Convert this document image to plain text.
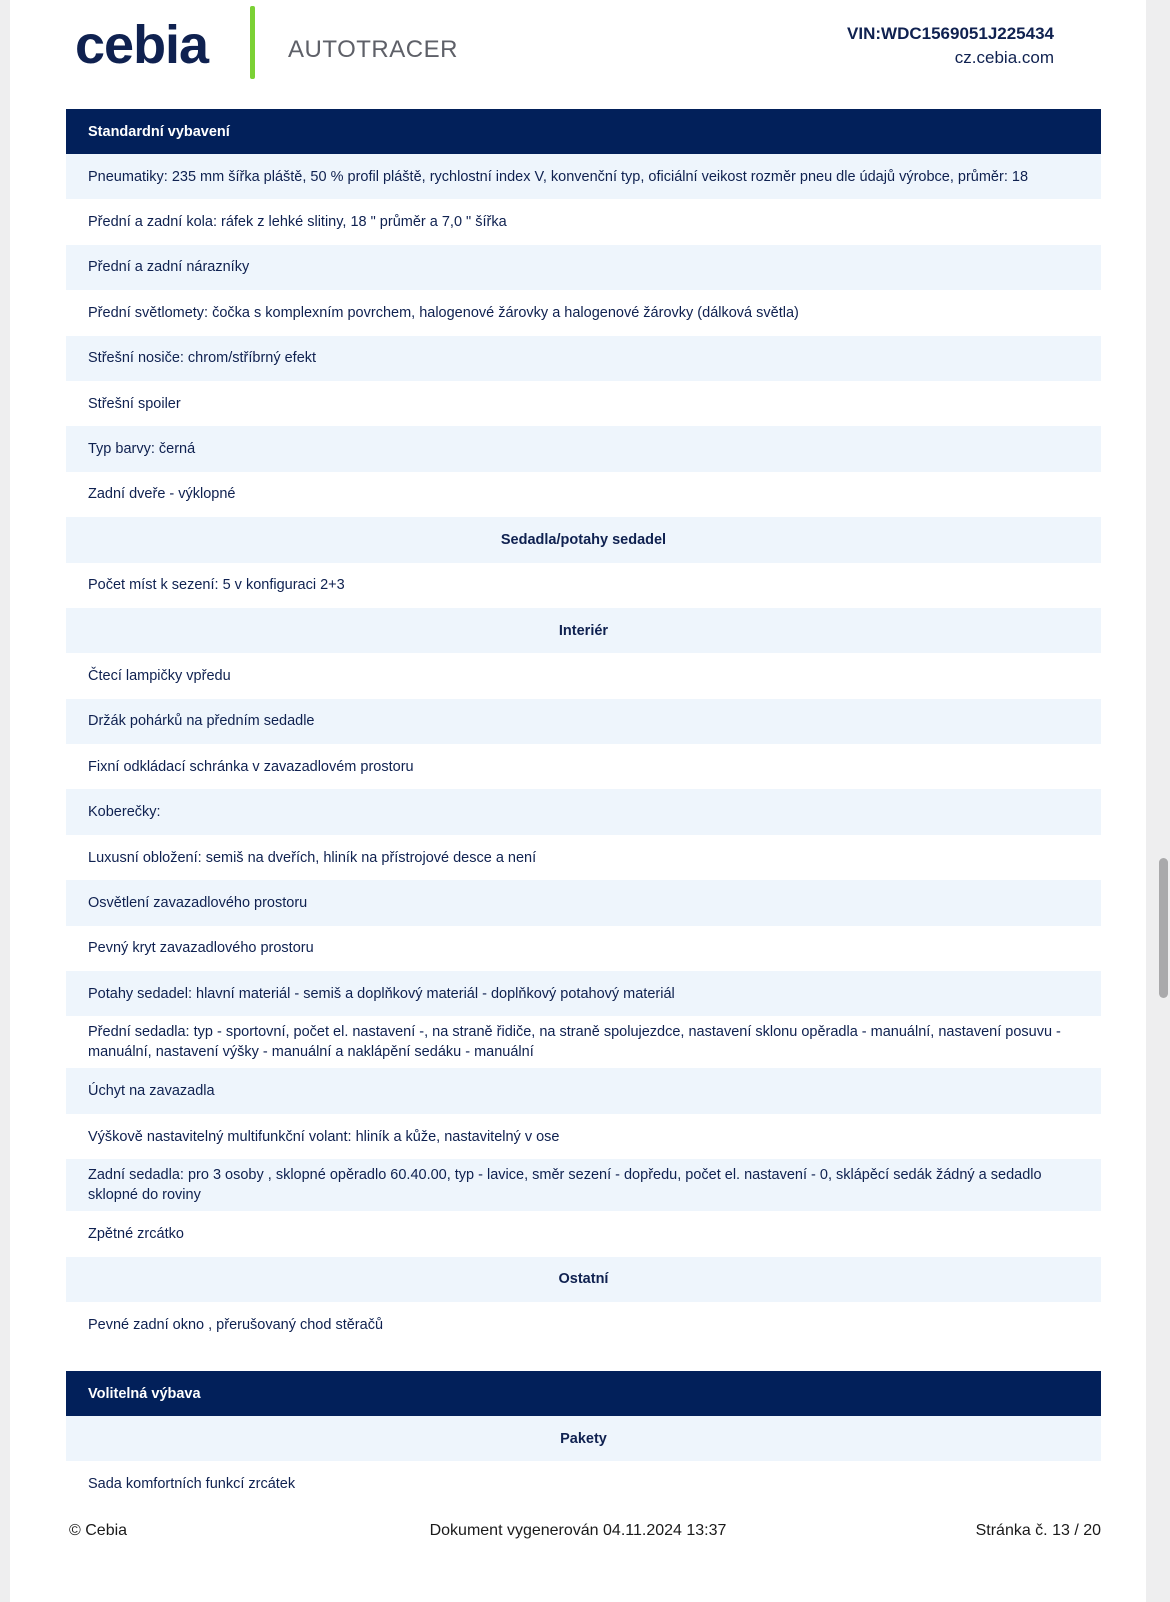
cebia	AUTOTRACER
VIN:WDC1569051J225434
cz.cebia.com
Standardní vybavení
Pneumatiky: 235 mm šířka pláště, 50 % profil pláště, rychlostní index V, konvenční typ, oficiální veikost rozměr pneu dle údajů výrobce, průměr: 18
Přední a zadní kola: ráfek z lehké slitiny, 18 " průměr a 7,0 " šířka
Přední a zadní nárazníky
Přední světlomety: čočka s komplexním povrchem, halogenové žárovky a halogenové žárovky (dálková světla)
Střešní nosiče: chrom/stříbrný efekt
Střešní spoiler
Typ barvy: černá
Zadní dveře - výklopné
Sedadla/potahy sedadel
Počet míst k sezení: 5 v konfiguraci 2+3
Interiér
Čtecí lampičky vpředu
Držák pohárků na předním sedadle
Fixní odkládací schránka v zavazadlovém prostoru
Koberečky:
Luxusní obložení: semiš na dveřích, hliník na přístrojové desce a není
Osvětlení zavazadlového prostoru
Pevný kryt zavazadlového prostoru
Potahy sedadel: hlavní materiál - semiš a doplňkový materiál - doplňkový potahový materiál
Přední sedadla: typ - sportovní, počet el. nastavení -, na straně řidiče, na straně spolujezdce, nastavení sklonu opěradla - manuální, nastavení posuvu - manuální, nastavení výšky - manuální a naklápění sedáku - manuální
Úchyt na zavazadla
Výškově nastavitelný multifunkční volant: hliník a kůže, nastavitelný v ose
Zadní sedadla: pro 3 osoby , sklopné opěradlo 60.40.00, typ - lavice, směr sezení - dopředu, počet el. nastavení - 0, sklápěcí sedák žádný a sedadlo sklopné do roviny
Zpětné zrcátko
Ostatní
Pevné zadní okno , přerušovaný chod stěračů
Volitelná výbava
Pakety
Sada komfortních funkcí zrcátek
Dokument vygenerován 04.11.2024 13:37
© Cebia	Stránka č. 13 / 20
